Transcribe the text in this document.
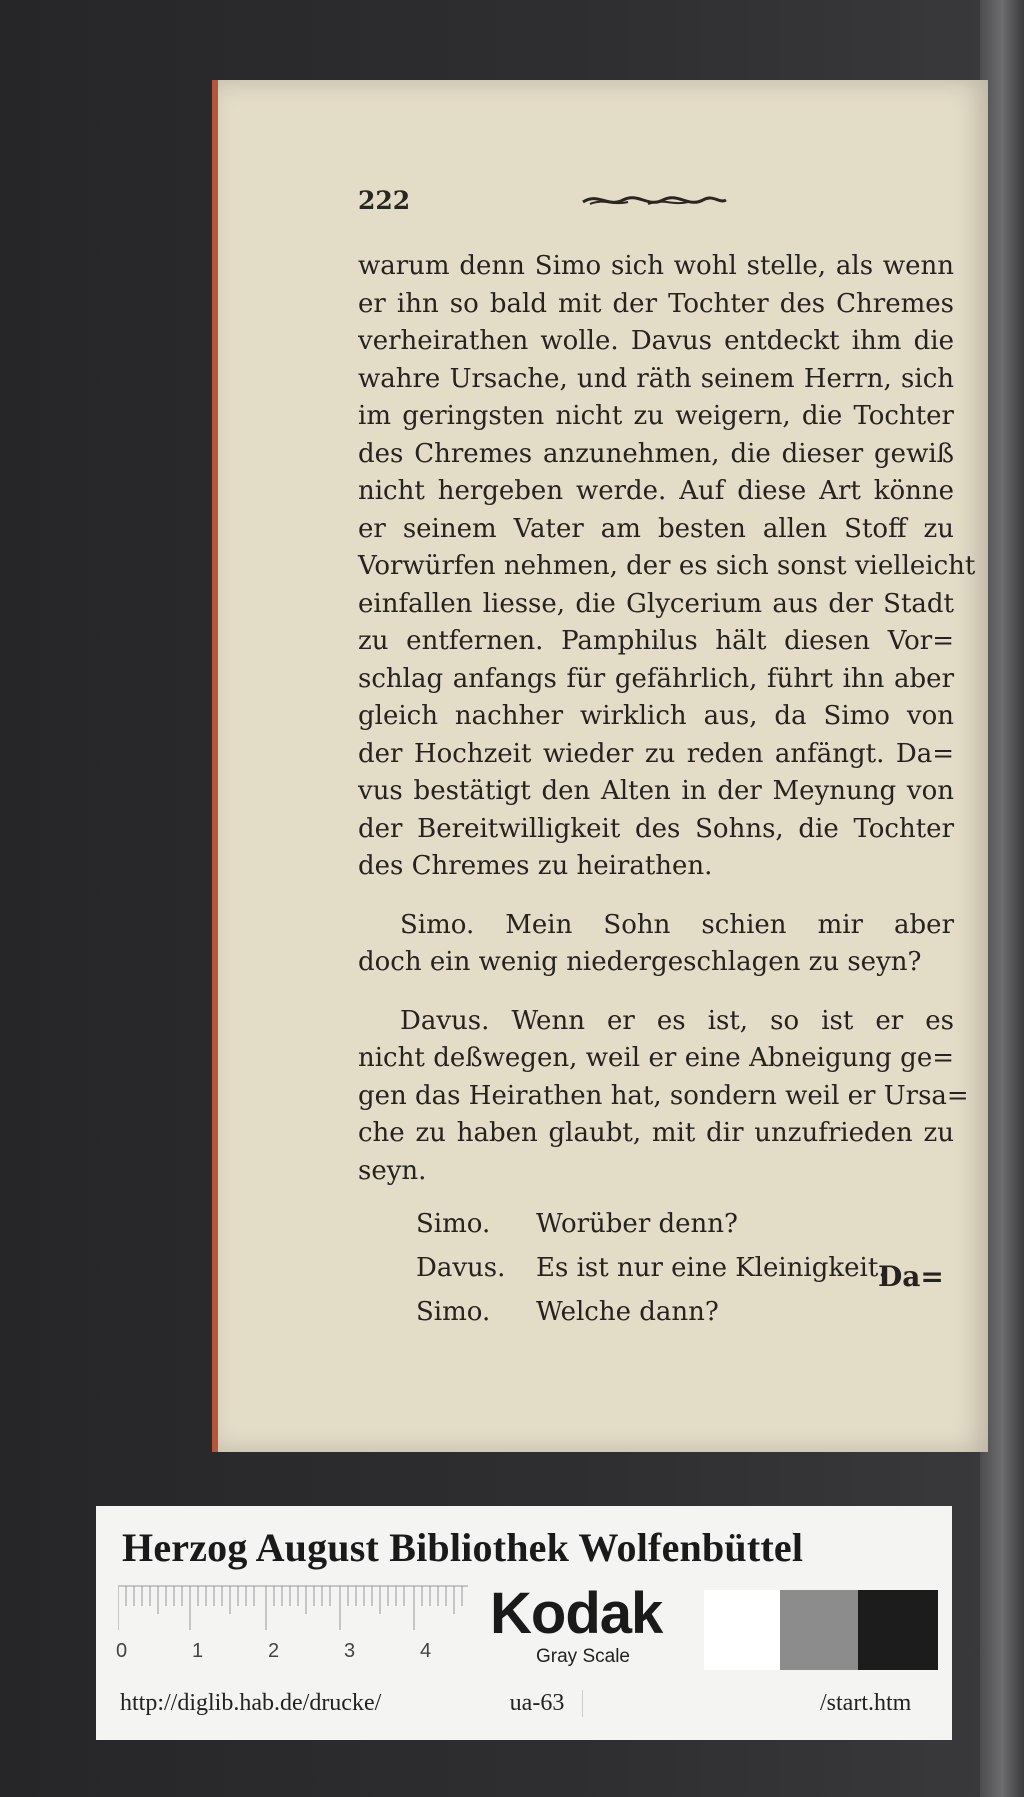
222
warum denn Simo sich wohl stelle, als wenn
er ihn so bald mit der Tochter des Chremes
verheirathen wolle. Davus entdeckt ihm die
wahre Ursache, und räth seinem Herrn, sich
im geringsten nicht zu weigern, die Tochter
des Chremes anzunehmen, die dieser gewiß
nicht hergeben werde. Auf diese Art könne
er seinem Vater am besten allen Stoff zu
Vorwürfen nehmen, der es sich sonst vielleicht
einfallen liesse, die Glycerium aus der Stadt
zu entfernen. Pamphilus hält diesen Vor=
schlag anfangs für gefährlich, führt ihn aber
gleich nachher wirklich aus, da Simo von
der Hochzeit wieder zu reden anfängt. Da=
vus bestätigt den Alten in der Meynung von
der Bereitwilligkeit des Sohns, die Tochter
des Chremes zu heirathen.
Simo. Mein Sohn schien mir aber
doch ein wenig niedergeschlagen zu seyn?
Davus. Wenn er es ist, so ist er es
nicht deßwegen, weil er eine Abneigung ge=
gen das Heirathen hat, sondern weil er Ursa=
che zu haben glaubt, mit dir unzufrieden zu
seyn.
Simo. Worüber denn?
Davus. Es ist nur eine Kleinigkeit.
Simo. Welche dann?
Da=
Herzog August Bibliothek Wolfenbüttel
0	1	2	3	4
Kodak
Gray Scale
http://diglib.hab.de/drucke/	ua-63	/start.htm
